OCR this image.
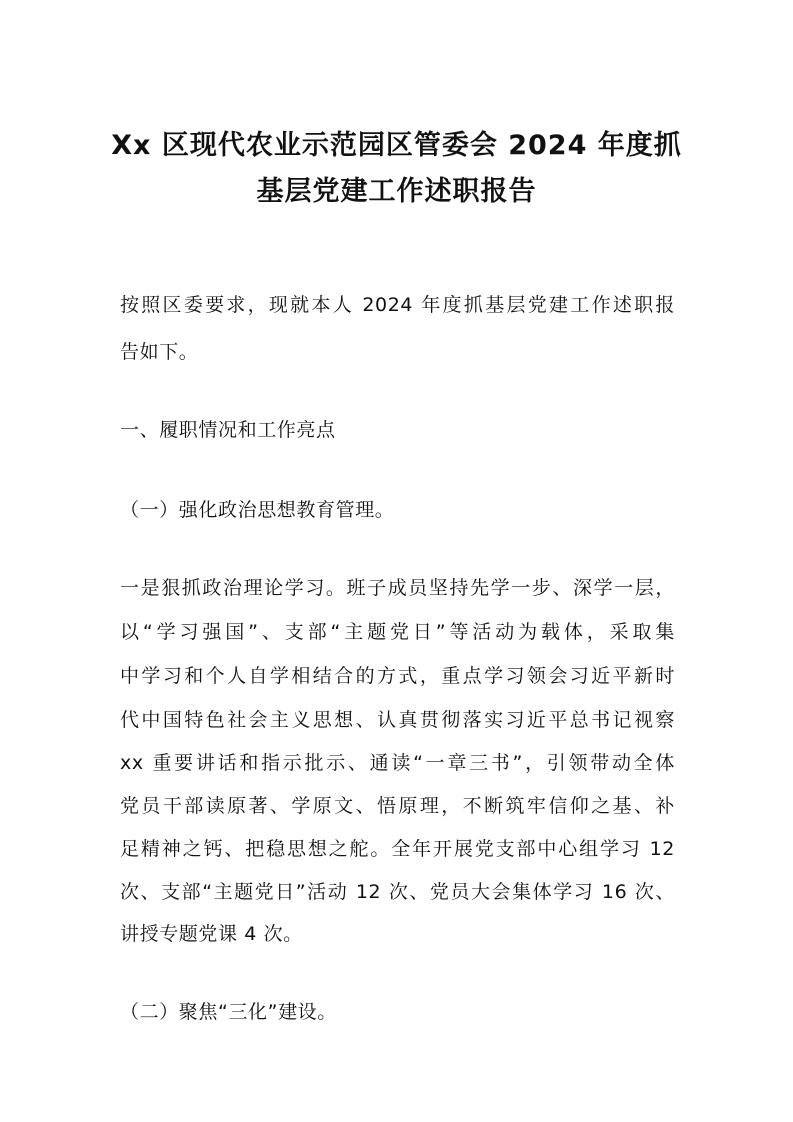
Xx 区现代农业示范园区管委会 2024 年度抓
基层党建工作述职报告
按照区委要求，现就本人 2024 年度抓基层党建工作述职报
告如下。
一、履职情况和工作亮点
（一）强化政治思想教育管理。
一是狠抓政治理论学习。班子成员坚持先学一步、深学一层，
以“学习强国”、支部“主题党日”等活动为载体，采取集
中学习和个人自学相结合的方式，重点学习领会习近平新时
代中国特色社会主义思想、认真贯彻落实习近平总书记视察
xx 重要讲话和指示批示、通读“一章三书”，引领带动全体
党员干部读原著、学原文、悟原理，不断筑牢信仰之基、补
足精神之钙、把稳思想之舵。全年开展党支部中心组学习 12
次、支部“主题党日”活动 12 次、党员大会集体学习 16 次、
讲授专题党课 4 次。
（二）聚焦“三化”建设。
